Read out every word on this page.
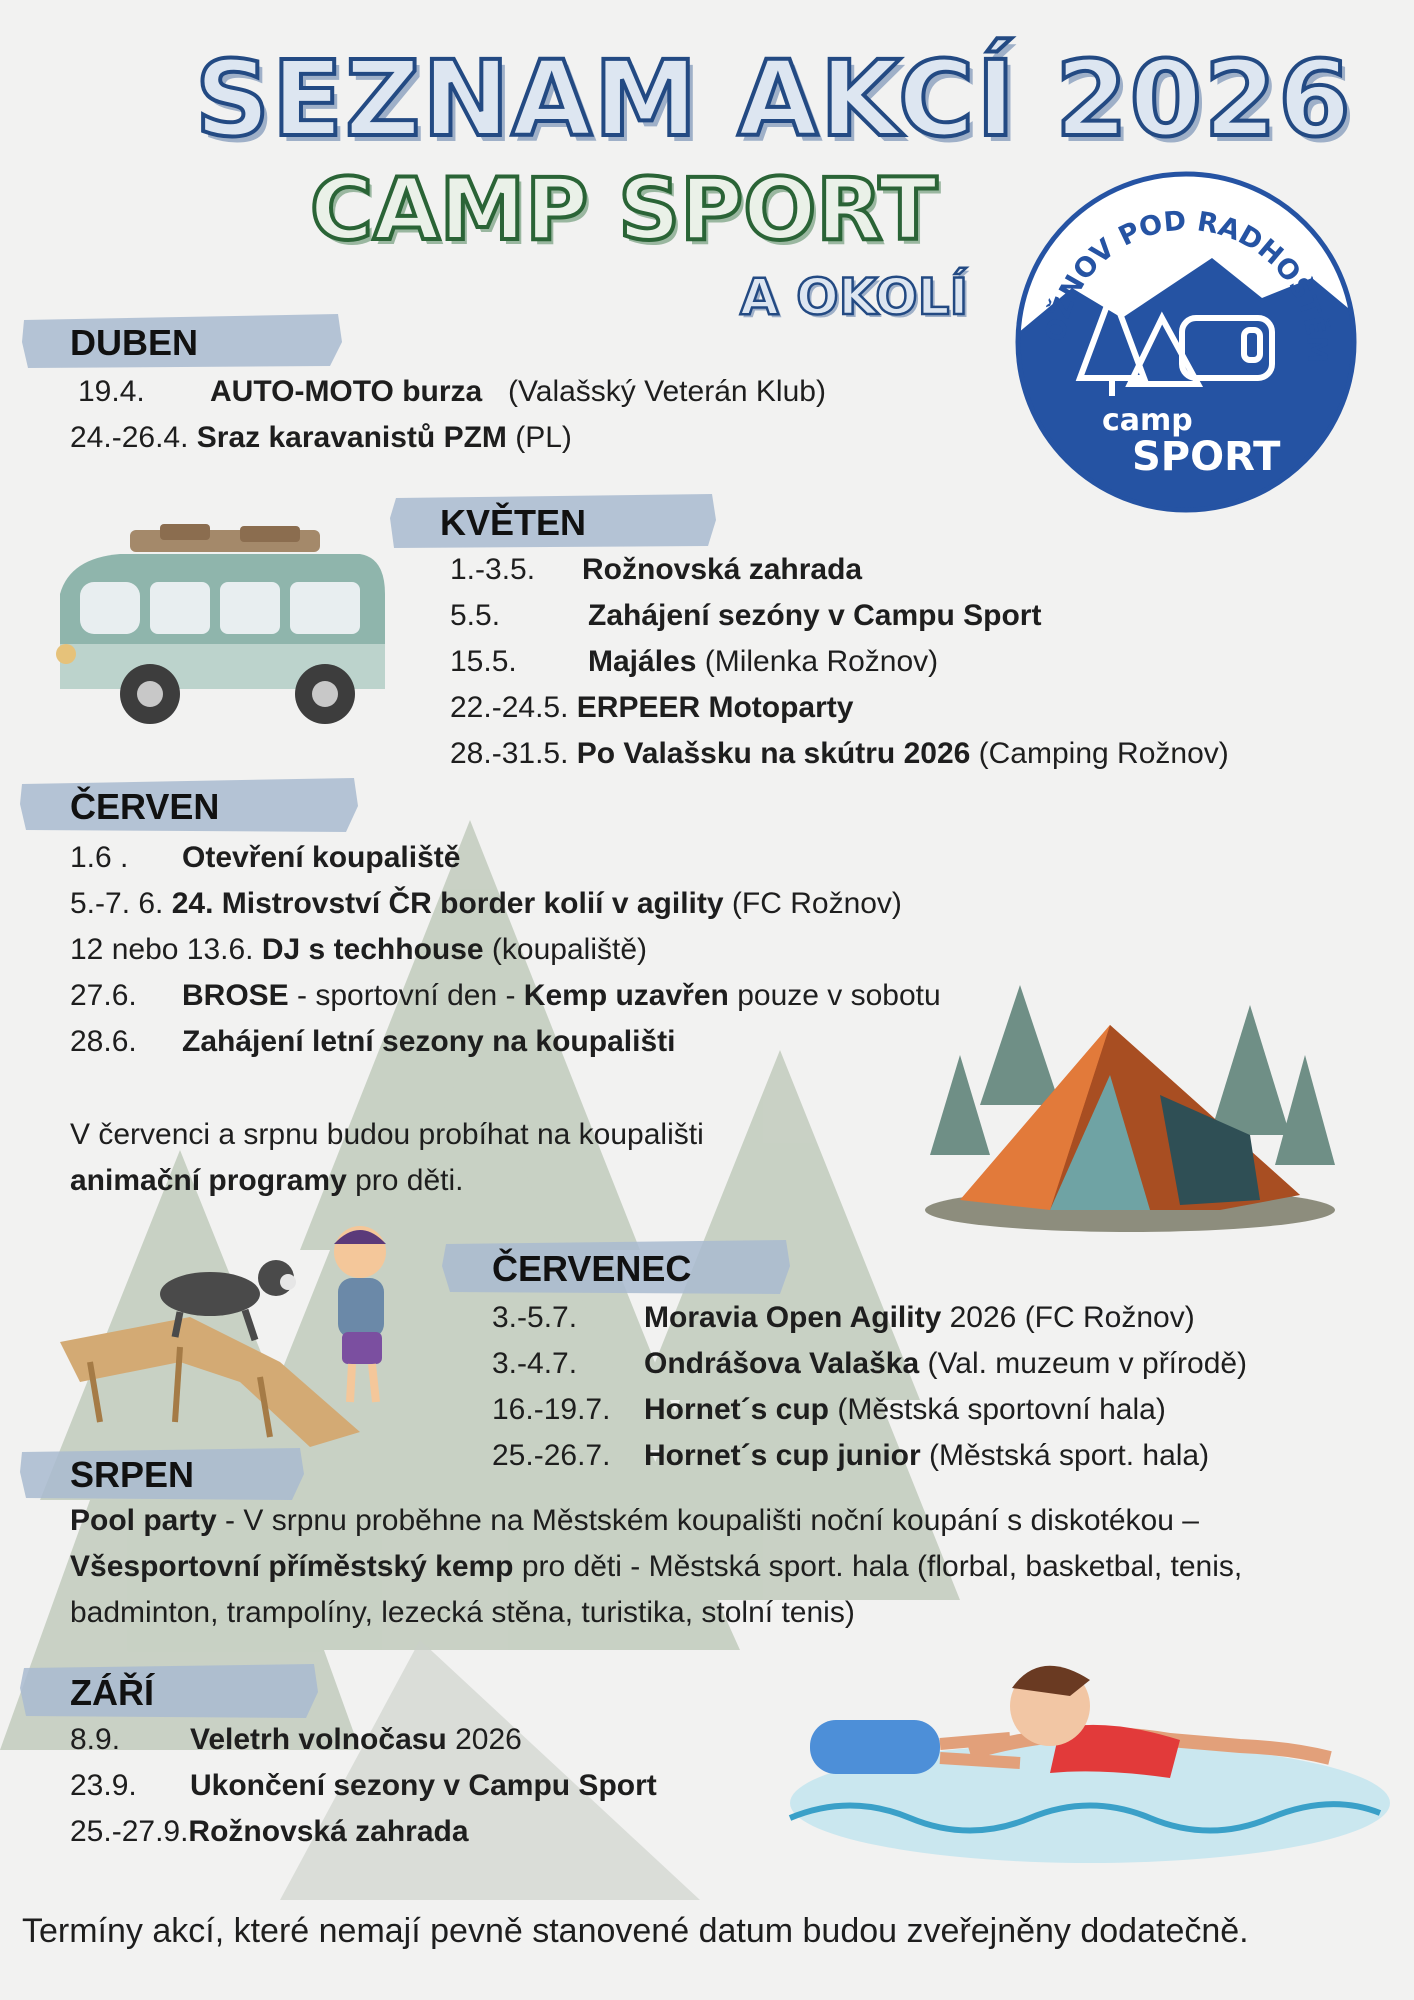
SEZNAM AKCÍ 2026
CAMP SPORT
A OKOLÍ
OŽNOV POD RADHOŠTĚM
camp
SPORT
DUBEN
19.4. AUTO-MOTO burza (Valašský Veterán Klub)
24.-26.4. Sraz karavanistů PZM (PL)
KVĚTEN
1.-3.5. Rožnovská zahrada
5.5.	Zahájení sezóny v Campu Sport
15.5. Majáles (Milenka Rožnov)
22.-24.5. ERPEER Motoparty
28.-31.5. Po Valašsku na skútru 2026 (Camping Rožnov)
ČERVEN
1.6 . Otevření koupaliště
5.-7. 6. 24. Mistrovství ČR border kolií v agility (FC Rožnov)
12 nebo 13.6. DJ s techhouse (koupaliště)
27.6. BROSE - sportovní den - Kemp uzavřen pouze v sobotu
28.6. Zahájení letní sezony na koupališti
V červenci a srpnu budou probíhat na koupališti
animační programy pro děti.
ČERVENEC
3.-5.7. Moravia Open Agility 2026 (FC Rožnov)
3.-4.7. Ondrášova Valaška (Val. muzeum v přírodě)
16.-19.7. Hornet´s cup (Městská sportovní hala)
25.-26.7. Hornet´s cup junior (Městská sport. hala)
SRPEN
Pool party - V srpnu proběhne na Městském koupališti noční koupání s diskotékou –
Všesportovní příměstský kemp pro děti - Městská sport. hala (florbal, basketbal, tenis, badminton, trampolíny, lezecká stěna, turistika, stolní tenis)
ZÁŘÍ
8.9. Veletrh volnočasu 2026
23.9. Ukončení sezony v Campu Sport
25.-27.9.Rožnovská zahrada
Termíny akcí, které nemají pevně stanovené datum budou zveřejněny dodatečně.
